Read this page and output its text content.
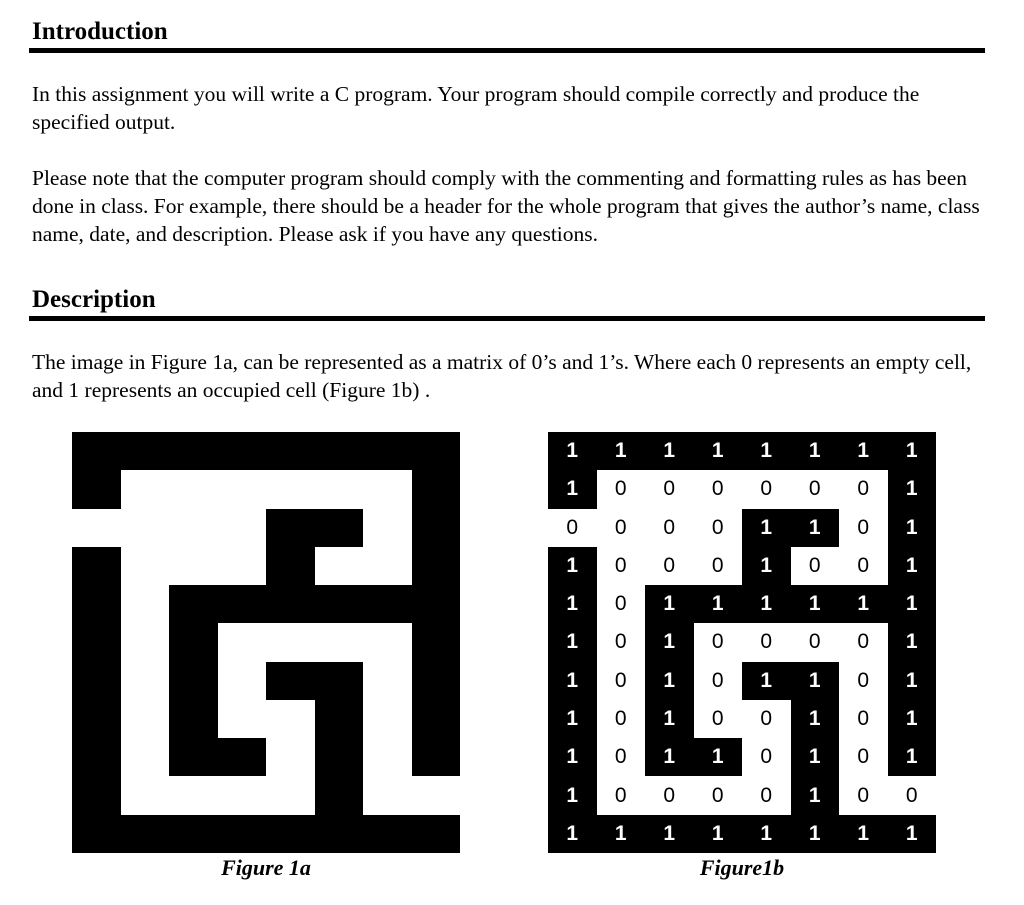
Introduction

In this assignment you will write a C program. Your program should compile correctly and produce the specified output.

Please note that the computer program should comply with the commenting and formatting rules as has been done in class. For example, there should be a header for the whole program that gives the author’s name, class name, date, and description. Please ask if you have any questions.

Description

The image in Figure 1a, can be represented as a matrix of 0’s and 1’s. Where each 0 represents an empty cell, and 1 represents an occupied cell (Figure 1b) .

Figure 1a

1	1	1	1	1	1	1	1
1	0	0	0	0	0	0	1
0	0	0	0	1	1	0	1
1	0	0	0	1	0	0	1
1	0	1	1	1	1	1	1
1	0	1	0	0	0	0	1
1	0	1	0	1	1	0	1
1	0	1	0	0	1	0	1
1	0	1	1	0	1	0	1
1	0	0	0	0	1	0	0
1	1	1	1	1	1	1	1

Figure1b
